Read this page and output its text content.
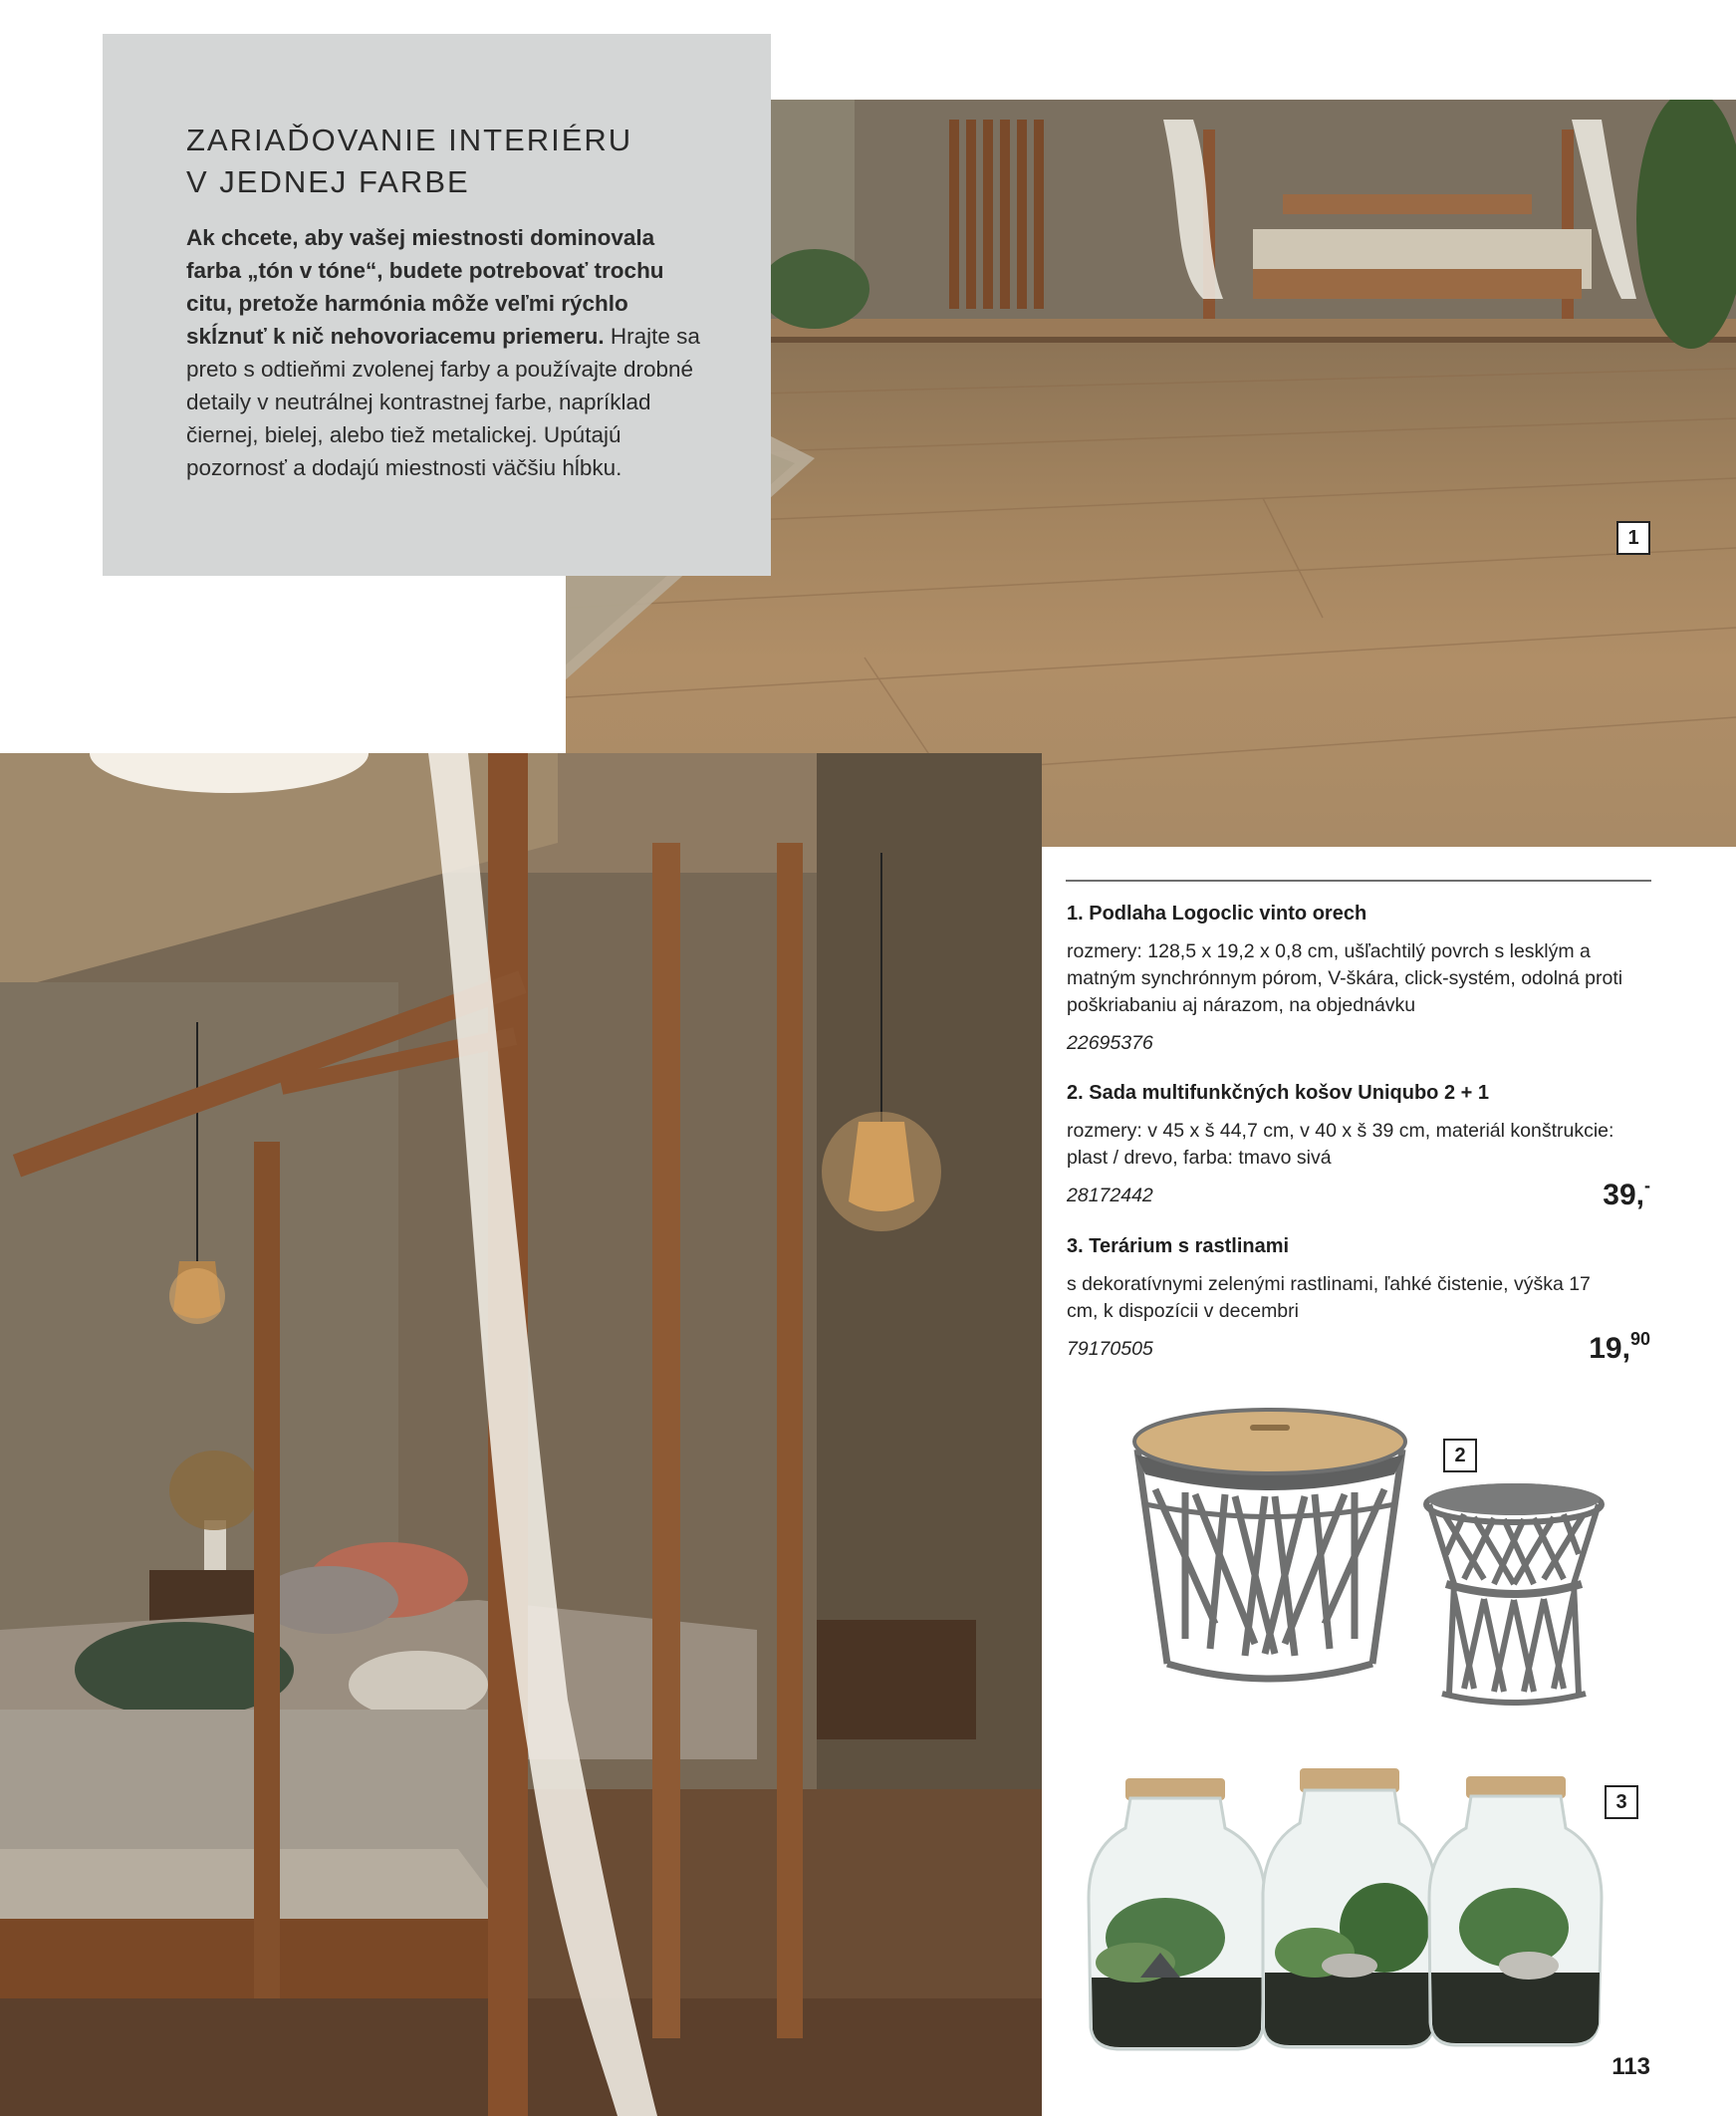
ZARIAĎOVANIE INTERIÉRU
V JEDNEJ FARBE

Ak chcete, aby vašej miestnosti dominovala farba „tón v tóne“, budete potrebovať trochu citu, pretože harmónia môže veľmi rýchlo skĺznuť k nič nehovoriacemu priemeru. Hrajte sa preto s odtieňmi zvolenej farby a používajte drobné detaily v neutrálnej kontrastnej farbe, napríklad čiernej, bielej, alebo tiež metalickej. Upútajú pozornosť a dodajú miestnosti väčšiu hĺbku.

1
1. Podlaha Logoclic vinto orech
rozmery: 128,5 x 19,2 x 0,8 cm, ušľachtilý povrch s lesklým a matným synchrónnym pórom, V-škára, click-systém, odolná proti poškriabaniu aj nárazom, na objednávku
22695376
2. Sada multifunkčných košov Uniqubo 2 + 1
rozmery: v 45 x š 44,7 cm, v 40 x š 39 cm, materiál konštrukcie: plast / drevo, farba: tmavo sivá
28172442	39,-
3. Terárium s rastlinami
s dekoratívnymi zelenými rastlinami, ľahké čistenie, výška 17 cm, k dispozícii v decembri
79170505	19,90
2
3
113
